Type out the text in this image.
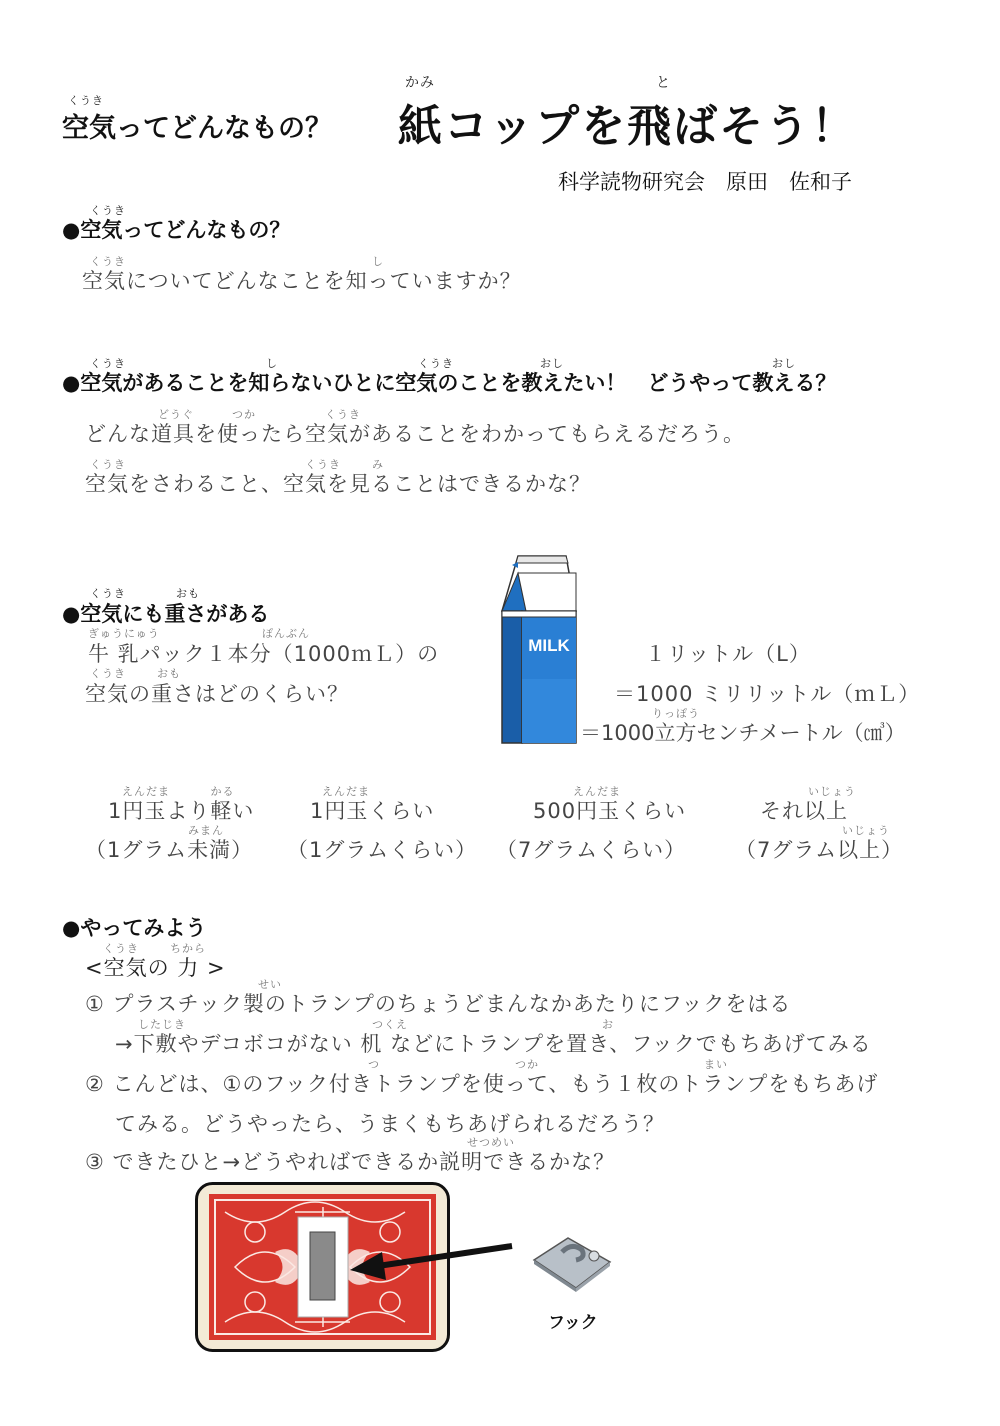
くうき
空気ってどんなもの？
かみ	と
紙コップを飛ばそう！
科学読物研究会　原田　佐和子
くうき
●空気ってどんなもの？
くうき	し
空気についてどんなことを知っていますか？
くうき	し	くうき	おし	おし
●空気があることを知らないひとに空気のことを教えたい！　どうやって教える？
どうぐ	つか	くうき
どんな道具を使ったら空気があることをわかってもらえるだろう。
くうき	くうき	み
空気をさわること、空気を見ることはできるかな？
くうき	おも
●空気にも重さがある
ぎゅうにゅう	ぽんぶん
牛 乳パック１本分（1000ｍＬ）の
くうき	おも
空気の重さはどのくらい？
MILK	１リットル（L）
＝1000 ミリリットル（ｍＬ）
りっぽう
＝1000立方センチメートル（㎤）
えんだま　　　 かる
1円玉より軽い
みまん
（1グラム未満）
えんだま
1円玉くらい
（1グラムくらい）
えんだま
500円玉くらい
（7グラムくらい）
いじょう
それ以上
いじょう
（7グラム以上）
●やってみよう
くうき	ちから
<空気の 力 >
せい
① プラスチック製のトランプのちょうどまんなかあたりにフックをはる
したじき	つくえ	お
→下敷やデコボコがない 机 などにトランプを置き、フックでもちあげてみる
つ	つか	まい
② こんどは、①のフック付きトランプを使って、もう１枚のトランプをもちあげ
てみる。どうやったら、うまくもちあげられるだろう？
せつめい
③ できたひと→どうやればできるか説明できるかな？
フック
